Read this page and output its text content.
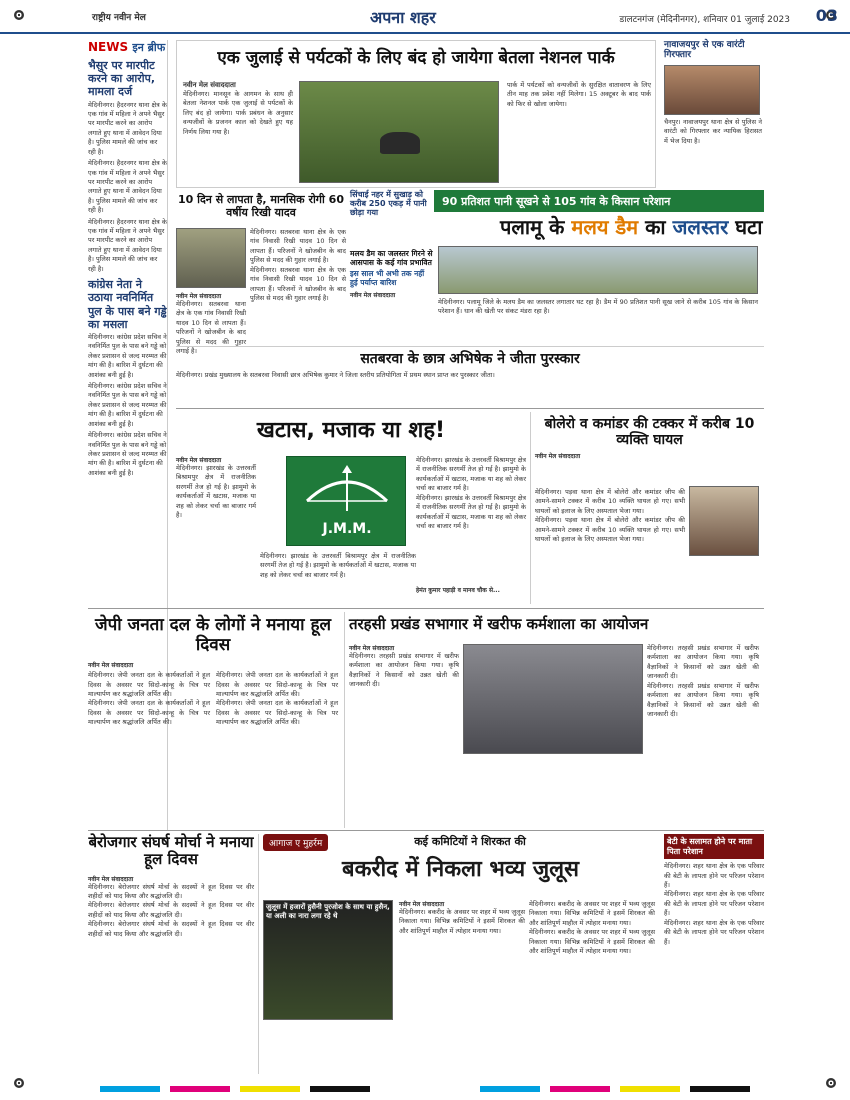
राष्ट्रीय नवीन मेल	अपना शहर	डालटनगंज (मेदिनीनगर), शनिवार 01 जुलाई 2023 03
NEWS इन ब्रीफ
भैसुर पर मारपीट करने का आरोप, मामला दर्ज
मेदिनीनगर। हैदरनगर थाना क्षेत्र के एक गांव में महिला ने अपने भैसुर पर मारपीट करने का आरोप लगाते हुए थाना में आवेदन दिया है। पुलिस मामले की जांच कर रही है।
मेदिनीनगर। हैदरनगर थाना क्षेत्र के एक गांव में महिला ने अपने भैसुर पर मारपीट करने का आरोप लगाते हुए थाना में आवेदन दिया है। पुलिस मामले की जांच कर रही है।
मेदिनीनगर। हैदरनगर थाना क्षेत्र के एक गांव में महिला ने अपने भैसुर पर मारपीट करने का आरोप लगाते हुए थाना में आवेदन दिया है। पुलिस मामले की जांच कर रही है।
कांग्रेस नेता ने उठाया नवनिर्मित पुल के पास बने गड्ढे का मसला
मेदिनीनगर। कांग्रेस प्रदेश सचिव ने नवनिर्मित पुल के पास बने गड्ढे को लेकर प्रशासन से जल्द मरम्मत की मांग की है। बारिश में दुर्घटना की आशंका बनी हुई है।
मेदिनीनगर। कांग्रेस प्रदेश सचिव ने नवनिर्मित पुल के पास बने गड्ढे को लेकर प्रशासन से जल्द मरम्मत की मांग की है। बारिश में दुर्घटना की आशंका बनी हुई है।
मेदिनीनगर। कांग्रेस प्रदेश सचिव ने नवनिर्मित पुल के पास बने गड्ढे को लेकर प्रशासन से जल्द मरम्मत की मांग की है। बारिश में दुर्घटना की आशंका बनी हुई है।
एक जुलाई से पर्यटकों के लिए बंद हो जायेगा बेतला नेशनल पार्क
नवीन मेल संवाददाता
मेदिनीनगर। मानसून के आगमन के साथ ही बेतला नेशनल पार्क एक जुलाई से पर्यटकों के लिए बंद हो जायेगा। पार्क प्रबंधन के अनुसार वन्यजीवों के प्रजनन काल को देखते हुए यह निर्णय लिया गया है।
पार्क में पर्यटकों को वन्यजीवों के सुरक्षित वातावरण के लिए तीन माह तक प्रवेश नहीं मिलेगा। 15 अक्टूबर के बाद पार्क को फिर से खोला जायेगा।
नावाजयपुर से एक वारंटी गिरफ्तार
चैनपुर। नावाजयपुर थाना क्षेत्र से पुलिस ने वारंटी को गिरफ्तार कर न्यायिक हिरासत में भेज दिया है।
10 दिन से लापता है, मानसिक रोगी 60 वर्षीय रिखी यादव
नवीन मेल संवाददाता
मेदिनीनगर। सतबरवा थाना क्षेत्र के एक गांव निवासी रिखी यादव 10 दिन से लापता हैं। परिजनों ने खोजबीन के बाद पुलिस से मदद की गुहार लगाई है।
मेदिनीनगर। सतबरवा थाना क्षेत्र के एक गांव निवासी रिखी यादव 10 दिन से लापता हैं। परिजनों ने खोजबीन के बाद पुलिस से मदद की गुहार लगाई है।
मेदिनीनगर। सतबरवा थाना क्षेत्र के एक गांव निवासी रिखी यादव 10 दिन से लापता हैं। परिजनों ने खोजबीन के बाद पुलिस से मदद की गुहार लगाई है।
सिंचाई नहर में सुखाड़ को करीब 250 एकड़ में पानी छोड़ा गया
90 प्रतिशत पानी सूखने से 105 गांव के किसान परेशान
पलामू के मलय डैम का जलस्तर घटा
मलय डैम का जलस्तर गिरने से आसपास के कई गांव प्रभावित
इस साल भी अभी तक नहीं हुई पर्याप्त बारिश
नवीन मेल संवाददाता
मेदिनीनगर। पलामू जिले के मलय डैम का जलस्तर लगातार घट रहा है। डैम में 90 प्रतिशत पानी सूख जाने से करीब 105 गांव के किसान परेशान हैं। धान की खेती पर संकट मंडरा रहा है।
सतबरवा के छात्र अभिषेक ने जीता पुरस्कार
मेदिनीनगर। प्रखंड मुख्यालय के सतबरवा निवासी छात्र अभिषेक कुमार ने जिला स्तरीय प्रतियोगिता में प्रथम स्थान प्राप्त कर पुरस्कार जीता।
खटास, मजाक या शह!
नवीन मेल संवाददाता
मेदिनीनगर। झारखंड के उत्तरवर्ती बिश्रामपुर क्षेत्र में राजनीतिक सरगर्मी तेज हो गई है। झामुमो के कार्यकर्ताओं में खटास, मजाक या शह को लेकर चर्चा का बाजार गर्म है।
J.M.M.
मेदिनीनगर। झारखंड के उत्तरवर्ती बिश्रामपुर क्षेत्र में राजनीतिक सरगर्मी तेज हो गई है। झामुमो के कार्यकर्ताओं में खटास, मजाक या शह को लेकर चर्चा का बाजार गर्म है।
मेदिनीनगर। झारखंड के उत्तरवर्ती बिश्रामपुर क्षेत्र में राजनीतिक सरगर्मी तेज हो गई है। झामुमो के कार्यकर्ताओं में खटास, मजाक या शह को लेकर चर्चा का बाजार गर्म है।
मेदिनीनगर। झारखंड के उत्तरवर्ती बिश्रामपुर क्षेत्र में राजनीतिक सरगर्मी तेज हो गई है। झामुमो के कार्यकर्ताओं में खटास, मजाक या शह को लेकर चर्चा का बाजार गर्म है।
हेमंत कुमार पहाड़ी व मानव चौक से...
बोलेरो व कमांडर की टक्कर में करीब 10 व्यक्ति घायल
नवीन मेल संवाददाता
मेदिनीनगर। पड़वा थाना क्षेत्र में बोलेरो और कमांडर जीप की आमने-सामने टक्कर में करीब 10 व्यक्ति घायल हो गए। सभी घायलों को इलाज के लिए अस्पताल भेजा गया।
मेदिनीनगर। पड़वा थाना क्षेत्र में बोलेरो और कमांडर जीप की आमने-सामने टक्कर में करीब 10 व्यक्ति घायल हो गए। सभी घायलों को इलाज के लिए अस्पताल भेजा गया।
जेपी जनता दल के लोगों ने मनाया हूल दिवस
नवीन मेल संवाददाता
मेदिनीनगर। जेपी जनता दल के कार्यकर्ताओं ने हूल दिवस के अवसर पर सिदो-कान्हू के चित्र पर माल्यार्पण कर श्रद्धांजलि अर्पित की।
मेदिनीनगर। जेपी जनता दल के कार्यकर्ताओं ने हूल दिवस के अवसर पर सिदो-कान्हू के चित्र पर माल्यार्पण कर श्रद्धांजलि अर्पित की।
मेदिनीनगर। जेपी जनता दल के कार्यकर्ताओं ने हूल दिवस के अवसर पर सिदो-कान्हू के चित्र पर माल्यार्पण कर श्रद्धांजलि अर्पित की।
मेदिनीनगर। जेपी जनता दल के कार्यकर्ताओं ने हूल दिवस के अवसर पर सिदो-कान्हू के चित्र पर माल्यार्पण कर श्रद्धांजलि अर्पित की।
तरहसी प्रखंड सभागार में खरीफ कर्मशाला का आयोजन
नवीन मेल संवाददाता
मेदिनीनगर। तरहसी प्रखंड सभागार में खरीफ कर्मशाला का आयोजन किया गया। कृषि वैज्ञानिकों ने किसानों को उन्नत खेती की जानकारी दी।
मेदिनीनगर। तरहसी प्रखंड सभागार में खरीफ कर्मशाला का आयोजन किया गया। कृषि वैज्ञानिकों ने किसानों को उन्नत खेती की जानकारी दी।
मेदिनीनगर। तरहसी प्रखंड सभागार में खरीफ कर्मशाला का आयोजन किया गया। कृषि वैज्ञानिकों ने किसानों को उन्नत खेती की जानकारी दी।
बेरोजगार संघर्ष मोर्चा ने मनाया हूल दिवस
नवीन मेल संवाददाता
मेदिनीनगर। बेरोजगार संघर्ष मोर्चा के सदस्यों ने हूल दिवस पर वीर शहीदों को याद किया और श्रद्धांजलि दी।
मेदिनीनगर। बेरोजगार संघर्ष मोर्चा के सदस्यों ने हूल दिवस पर वीर शहीदों को याद किया और श्रद्धांजलि दी।
मेदिनीनगर। बेरोजगार संघर्ष मोर्चा के सदस्यों ने हूल दिवस पर वीर शहीदों को याद किया और श्रद्धांजलि दी।
आगाज ए मुहर्रम	कई कमिटियों ने शिरकत की
बकरीद में निकला भव्य जुलूस
जुलूस में हजारों हुसैनी पुरजोश के साथ या हुसैन, या अली का नारा लगा रहे थे
नवीन मेल संवाददाता
मेदिनीनगर। बकरीद के अवसर पर शहर में भव्य जुलूस निकाला गया। विभिन्न कमिटियों ने इसमें शिरकत की और शांतिपूर्ण माहौल में त्योहार मनाया गया।
मेदिनीनगर। बकरीद के अवसर पर शहर में भव्य जुलूस निकाला गया। विभिन्न कमिटियों ने इसमें शिरकत की और शांतिपूर्ण माहौल में त्योहार मनाया गया।
मेदिनीनगर। बकरीद के अवसर पर शहर में भव्य जुलूस निकाला गया। विभिन्न कमिटियों ने इसमें शिरकत की और शांतिपूर्ण माहौल में त्योहार मनाया गया।
बेटी के सलामत होने पर माता पिता परेशान
मेदिनीनगर। शहर थाना क्षेत्र के एक परिवार की बेटी के लापता होने पर परिजन परेशान हैं।
मेदिनीनगर। शहर थाना क्षेत्र के एक परिवार की बेटी के लापता होने पर परिजन परेशान हैं।
मेदिनीनगर। शहर थाना क्षेत्र के एक परिवार की बेटी के लापता होने पर परिजन परेशान हैं।
